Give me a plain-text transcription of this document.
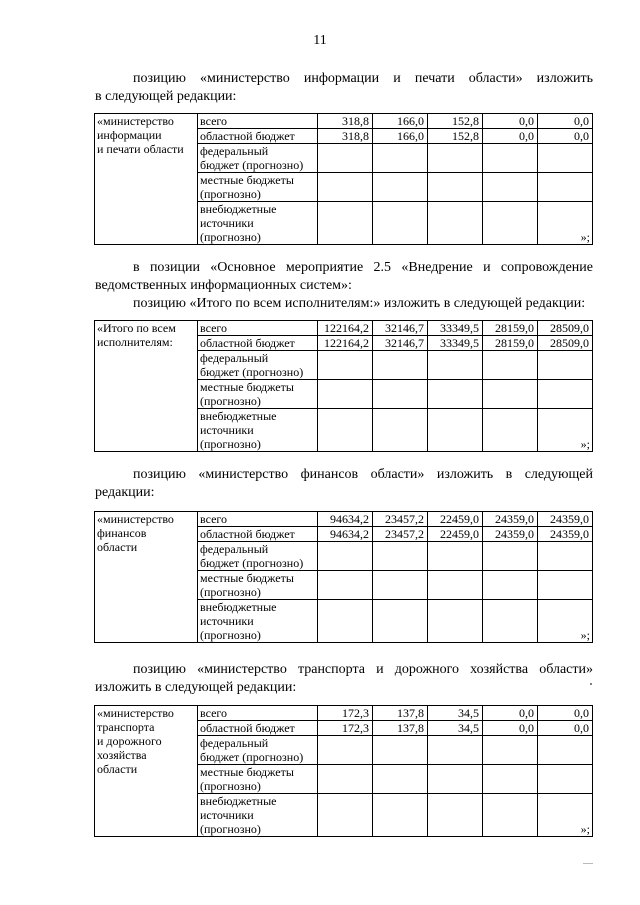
11
позицию «министерство информации и печати области» изложить
в следующей редакции:
«министерство
информации
и печати области	всего	318,8	166,0	152,8	0,0	0,0
	областной бюджет	318,8	166,0	152,8	0,0	0,0

	федеральный
бюджет (прогнозно)					

	местные бюджеты
(прогнозно)					

	внебюджетные
источники
(прогнозно)					»;
в позиции «Основное мероприятие 2.5 «Внедрение и сопровождение
ведомственных информационных систем»:
позицию «Итого по всем исполнителям:» изложить в следующей редакции:
«Итого по всем
исполнителям:	всего	122164,2	32146,7	33349,5	28159,0	28509,0
	областной бюджет	122164,2	32146,7	33349,5	28159,0	28509,0

	федеральный
бюджет (прогнозно)					

	местные бюджеты
(прогнозно)					

	внебюджетные
источники
(прогнозно)					»;
позицию «министерство финансов области» изложить в следующей
редакции:
«министерство
финансов
области	всего	94634,2	23457,2	22459,0	24359,0	24359,0
	областной бюджет	94634,2	23457,2	22459,0	24359,0	24359,0

	федеральный
бюджет (прогнозно)					

	местные бюджеты
(прогнозно)					

	внебюджетные
источники
(прогнозно)					»;
позицию «министерство транспорта и дорожного хозяйства области»
изложить в следующей редакции:
«министерство
транспорта
и дорожного
хозяйства
области	всего	172,3	137,8	34,5	0,0	0,0
	областной бюджет	172,3	137,8	34,5	0,0	0,0

	федеральный
бюджет (прогнозно)					

	местные бюджеты
(прогнозно)					

	внебюджетные
источники
(прогнозно)					»;
